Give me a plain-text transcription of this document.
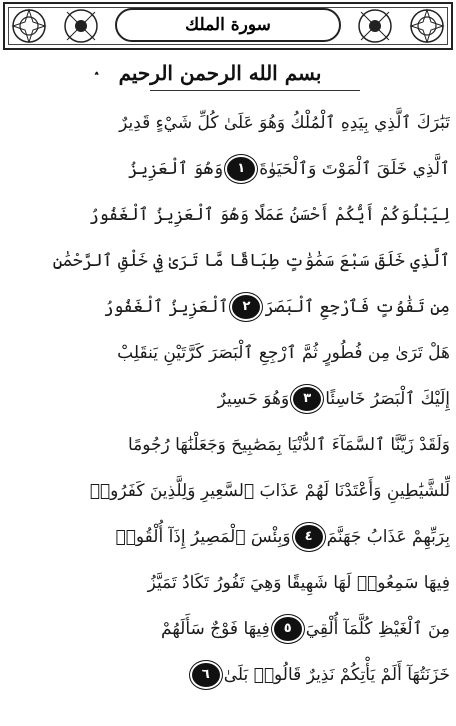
سورة الملك
بسم الله الرحمن الرحيم
تَبَٰرَكَ ٱلَّذِي بِيَدِهِ ٱلْمُلْكُ وَهُوَ عَلَىٰ كُلِّ شَيْءٍ قَدِيرٌ
ٱلَّذِي خَلَقَ ٱلْمَوْتَ وَٱلْحَيَوٰةَ
١
وَهُوَ ٱلْعَزِيزُ
لِيَبْلُوَكُمْ أَيُّكُمْ أَحْسَنُ عَمَلًا وَهُوَ ٱلْعَزِيزُ ٱلْغَفُورُ
ٱلَّذِي خَلَقَ سَبْعَ سَمَٰوَٰتٍ طِبَاقًا مَّا تَرَىٰ فِي خَلْقِ ٱلرَّحْمَٰنِ
مِن تَفَٰوُتٍ فَٱرْجِعِ ٱلْبَصَرَ
٢
ٱلْعَزِيزُ ٱلْغَفُورُ
هَلْ تَرَىٰ مِن فُطُورٍ ثُمَّ ٱرْجِعِ ٱلْبَصَرَ كَرَّتَيْنِ يَنقَلِبْ
إِلَيْكَ ٱلْبَصَرُ خَاسِئًا
٣
وَهُوَ حَسِيرٌ
وَلَقَدْ زَيَّنَّا ٱلسَّمَآءَ ٱلدُّنْيَا بِمَصَٰبِيحَ وَجَعَلْنَٰهَا رُجُومًا
لِّلشَّيَٰطِينِ وَأَعْتَدْنَا لَهُمْ عَذَابَ ٱلسَّعِيرِ وَلِلَّذِينَ كَفَرُوا۟
بِرَبِّهِمْ عَذَابُ جَهَنَّمَ
٤
وَبِئْسَ ٱلْمَصِيرُ إِذَآ أُلْقُوا۟
فِيهَا سَمِعُوا۟ لَهَا شَهِيقًا وَهِيَ تَفُورُ تَكَادُ تَمَيَّزُ
مِنَ ٱلْغَيْظِ كُلَّمَآ أُلْقِيَ
٥
فِيهَا فَوْجٌ سَأَلَهُمْ
خَزَنَتُهَآ أَلَمْ يَأْتِكُمْ نَذِيرٌ قَالُوا۟ بَلَىٰ
٦
